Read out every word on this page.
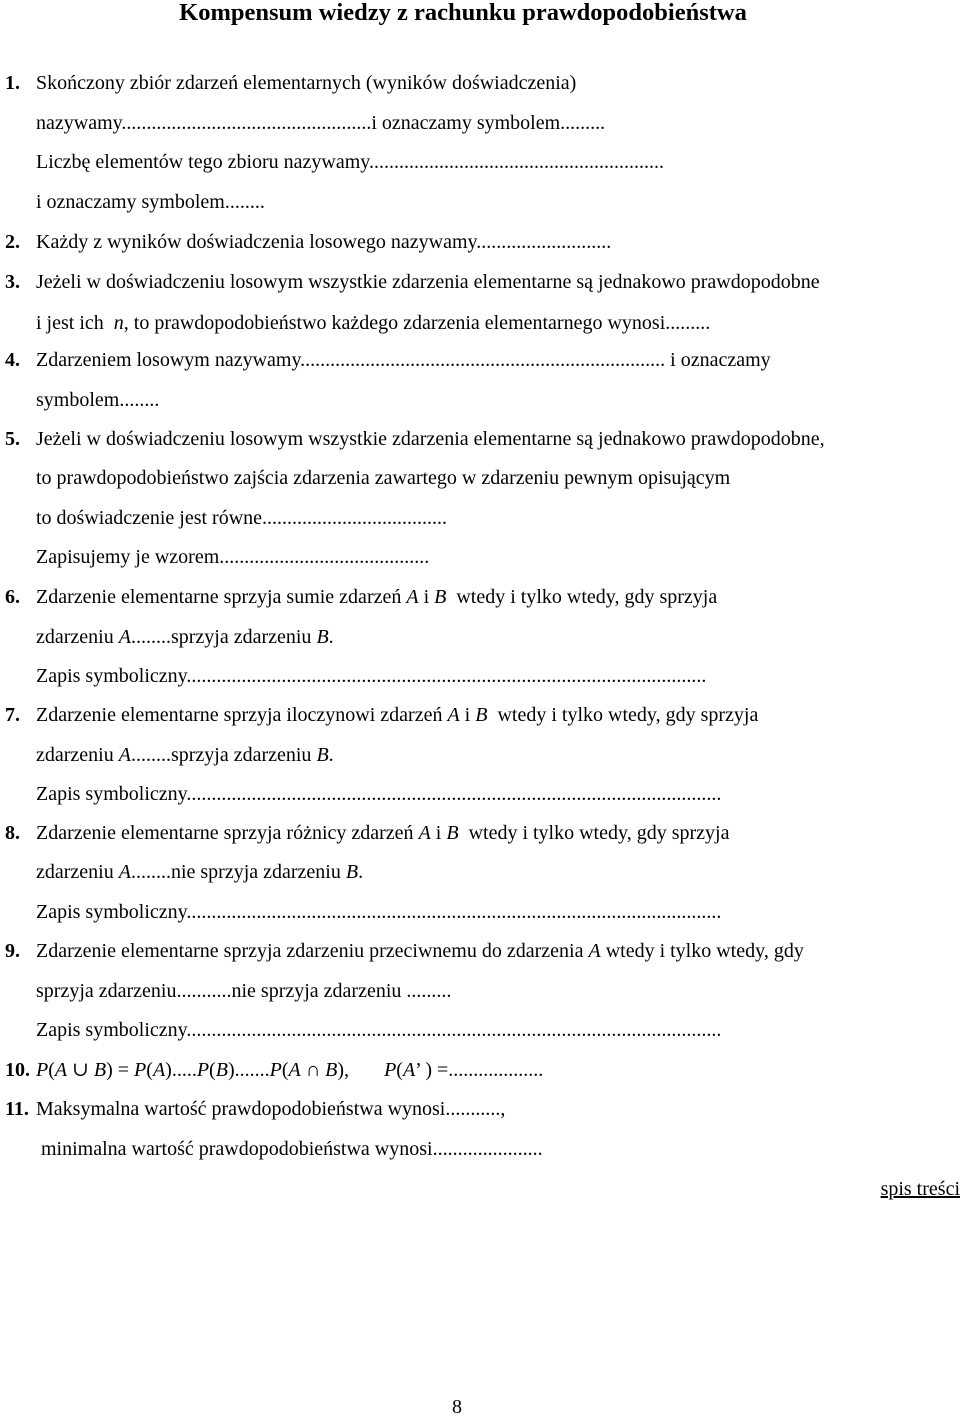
Kompensum wiedzy z rachunku prawdopodobieństwa
1. Skończony zbiór zdarzeń elementarnych (wyników doświadczenia)
nazywamy..................................................i oznaczamy symbolem.........
Liczbę elementów tego zbioru nazywamy...........................................................
i oznaczamy symbolem........
2. Każdy z wyników doświadczenia losowego nazywamy...........................
3. Jeżeli w doświadczeniu losowym wszystkie zdarzenia elementarne są jednakowo prawdopodobne
i jest ich n, to prawdopodobieństwo każdego zdarzenia elementarnego wynosi.........
4. Zdarzeniem losowym nazywamy......................................................................... i oznaczamy
symbolem........
5. Jeżeli w doświadczeniu losowym wszystkie zdarzenia elementarne są jednakowo prawdopodobne,
to prawdopodobieństwo zajścia zdarzenia zawartego w zdarzeniu pewnym opisującym
to doświadczenie jest równe.....................................
Zapisujemy je wzorem..........................................
6. Zdarzenie elementarne sprzyja sumie zdarzeń A i B wtedy i tylko wtedy, gdy sprzyja
zdarzeniu A........sprzyja zdarzeniu B.
Zapis symboliczny........................................................................................................
7. Zdarzenie elementarne sprzyja iloczynowi zdarzeń A i B wtedy i tylko wtedy, gdy sprzyja
zdarzeniu A........sprzyja zdarzeniu B.
Zapis symboliczny...........................................................................................................
8. Zdarzenie elementarne sprzyja różnicy zdarzeń A i B wtedy i tylko wtedy, gdy sprzyja
zdarzeniu A........nie sprzyja zdarzeniu B.
Zapis symboliczny...........................................................................................................
9. Zdarzenie elementarne sprzyja zdarzeniu przeciwnemu do zdarzenia A wtedy i tylko wtedy, gdy
sprzyja zdarzeniu...........nie sprzyja zdarzeniu .........
Zapis symboliczny...........................................................................................................
10. P(A ∪ B) = P(A).....P(B).......P(A ∩ B),       P(A’ ) =...................
11. Maksymalna wartość prawdopodobieństwa wynosi...........,
minimalna wartość prawdopodobieństwa wynosi......................
spis treści
8
